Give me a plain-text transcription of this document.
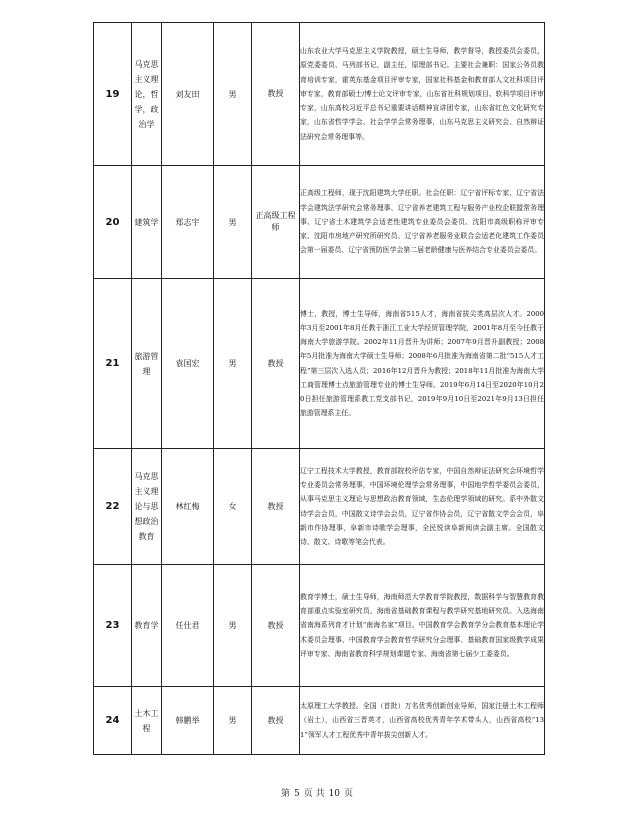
19	马克思主义理论，哲学，政治学	刘友田	男	教授	山东农业大学马克思主义学院教授，硕士生导师，教学督导，教授委员会委员，原党委委员、马列部书记，副主任，原理部书记。主要社会兼职：国家公务员教育培训专家，霍英东基金项目评审专家，国家社科基金和教育部人文社科项目评审专家，教育部硕士/博士论文评审专家，山东省社科规划项目、软科学项目评审专家，山东高校习近平总书记重要讲话精神宣讲团专家，山东省红色文化研究专家，山东省哲学学会、社会学学会常务理事，山东马克思主义研究会、自然辩证法研究会常务理事等。
20	建筑学	郑志宇	男	正高级工程师	正高级工程师，现于沈阳建筑大学任职。社会任职：辽宁省评标专家、辽宁省法学会建筑法学研究会常务理事、辽宁省养老建筑工程与服务产业校企联盟常务理事、辽宁省土木建筑学会适老性建筑专业委员会委员、沈阳市高级职称评审专家、沈阳市房地产研究所研究员、辽宁省养老服务业联合会适老化建筑工作委员会第一届委员、辽宁省预防医学会第二届老龄健康与医养结合专业委员会委员。
21	旅游管理	袁国宏	男	教授	博士，教授，博士生导师，海南省515人才，海南省拔尖类高层次人才。2000年3月至2001年8月任教于浙江工业大学经贸管理学院，2001年8月至今任教于海南大学旅游学院。2002年11月晋升为讲师；2007年9月晋升副教授；2008年5月批准为海南大学硕士生导师；2008年6月批准为海南省第二批“515人才工程”第三层次入选人员；2016年12月晋升为教授；2018年11月批准为海南大学工商管理博士点旅游管理专业的博士生导师。2019年6月14日至2020年10月20日担任旅游管理系教工党支部书记，2019年9月10日至2021年9月13日担任旅游管理系主任。
22	马克思主义理论与思想政治教育	林红梅	女	教授	辽宁工程技术大学教授，教育部院校评估专家，中国自然辩证法研究会环境哲学专业委员会常务理事，中国环境伦理学会常务理事，中国地学哲学委员会委员，从事马克思主义理论与思想政治教育领域，生态伦理学领域的研究。系中外散文诗学会会员，中国散文诗学会会员，辽宁省作协会员，辽宁省散文学会会员，阜新市作协理事，阜新市诗歌学会理事，全民悦读阜新阅读会副主席。全国散文诗、散文、诗歌等笔会代表。
23	教育学	任仕君	男	教授	教育学博士，硕士生导师，海南师范大学教育学院教授，数据科学与智慧教育教育部重点实验室研究员、海南省基础教育课程与教学研究基地研究员。入选海南省南海系列育才计划“南海名家”项目。中国教育学会教育学分会教育基本理论学术委员会理事、中国教育学会教育哲学研究分会理事、基础教育国家级教学成果评审专家、海南省教育科学规划课题专家、海南省第七届少工委委员。
24	土木工程	韩鹏举	男	教授	太原理工大学教授。全国（首批）万名优秀创新创业导师，国家注册土木工程师（岩土），山西省三晋英才，山西省高校优秀青年学术带头人，山西省高校“131”领军人才工程优秀中青年拔尖创新人才。
第 5 页 共 10 页
